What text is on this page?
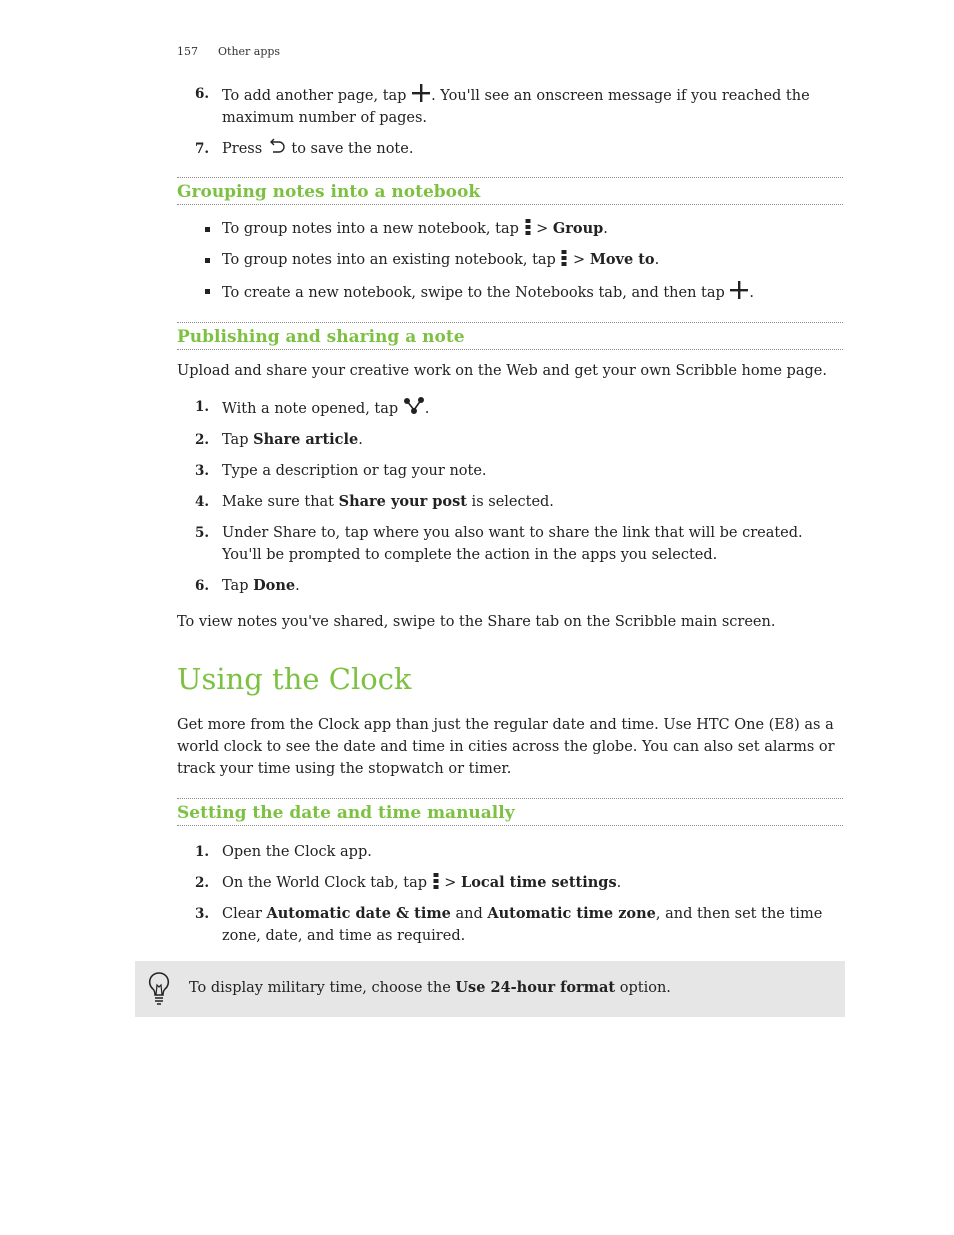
157 Other apps
6. To add another page, tap . You'll see an onscreen message if you reached the maximum number of pages.
7. Press  to save the note.
Grouping notes into a notebook
To group notes into a new notebook, tap  > Group.
To group notes into an existing notebook, tap  > Move to.
To create a new notebook, swipe to the Notebooks tab, and then tap .
Publishing and sharing a note

Upload and share your creative work on the Web and get your own Scribble home page.

1. With a note opened, tap .
2. Tap Share article.
3. Type a description or tag your note.
4. Make sure that Share your post is selected.
5. Under Share to, tap where you also want to share the link that will be created. You'll be prompted to complete the action in the apps you selected.
6. Tap Done.

To view notes you've shared, swipe to the Share tab on the Scribble main screen.

Using the Clock

Get more from the Clock app than just the regular date and time. Use HTC One (E8) as a world clock to see the date and time in cities across the globe. You can also set alarms or track your time using the stopwatch or timer.

Setting the date and time manually
1. Open the Clock app.
2. On the World Clock tab, tap  > Local time settings.
3. Clear Automatic date & time and Automatic time zone, and then set the time zone, date, and time as required.
To display military time, choose the Use 24-hour format option.
